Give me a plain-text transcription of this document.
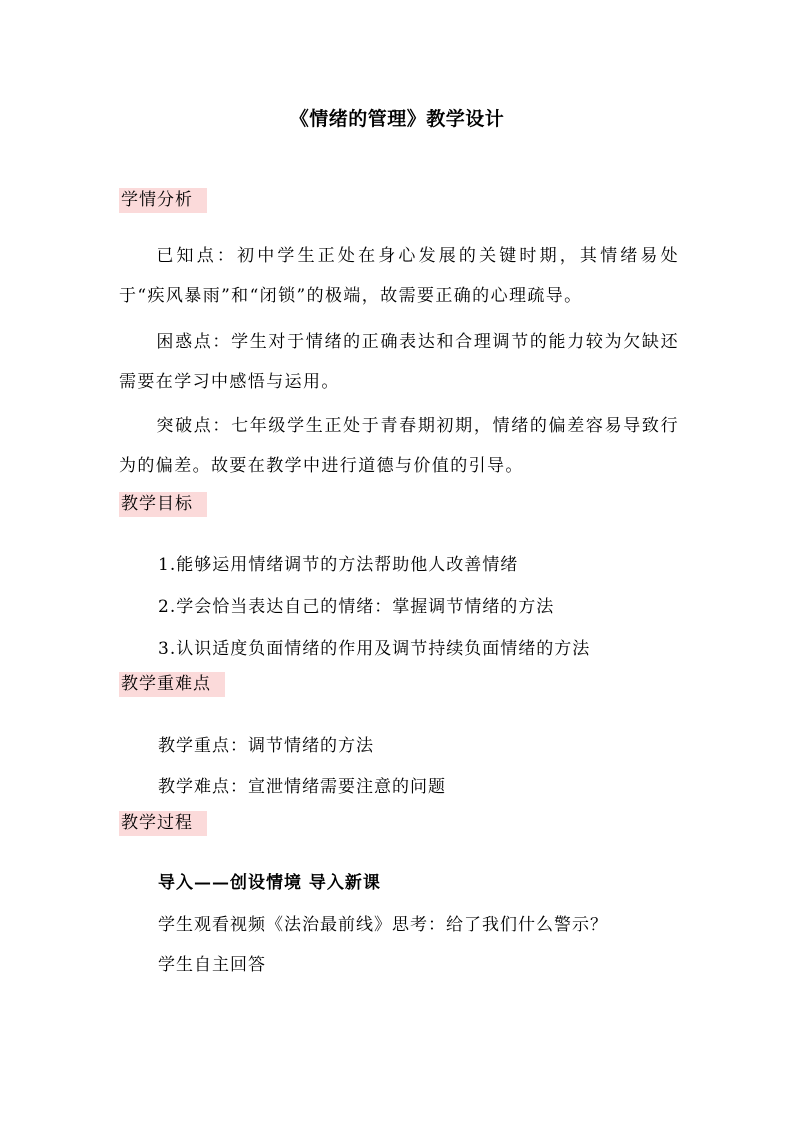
《情绪的管理》教学设计
学情分析
已知点：初中学生正处在身心发展的关键时期，其情绪易处于“疾风暴雨”和“闭锁”的极端，故需要正确的心理疏导。
困惑点：学生对于情绪的正确表达和合理调节的能力较为欠缺还需要在学习中感悟与运用。
突破点：七年级学生正处于青春期初期，情绪的偏差容易导致行为的偏差。故要在教学中进行道德与价值的引导。
教学目标
1.能够运用情绪调节的方法帮助他人改善情绪
2.学会恰当表达自己的情绪：掌握调节情绪的方法
3.认识适度负面情绪的作用及调节持续负面情绪的方法
教学重难点
教学重点：调节情绪的方法
教学难点：宣泄情绪需要注意的问题
教学过程
导入——创设情境 导入新课
学生观看视频《法治最前线》思考：给了我们什么警示？
学生自主回答
